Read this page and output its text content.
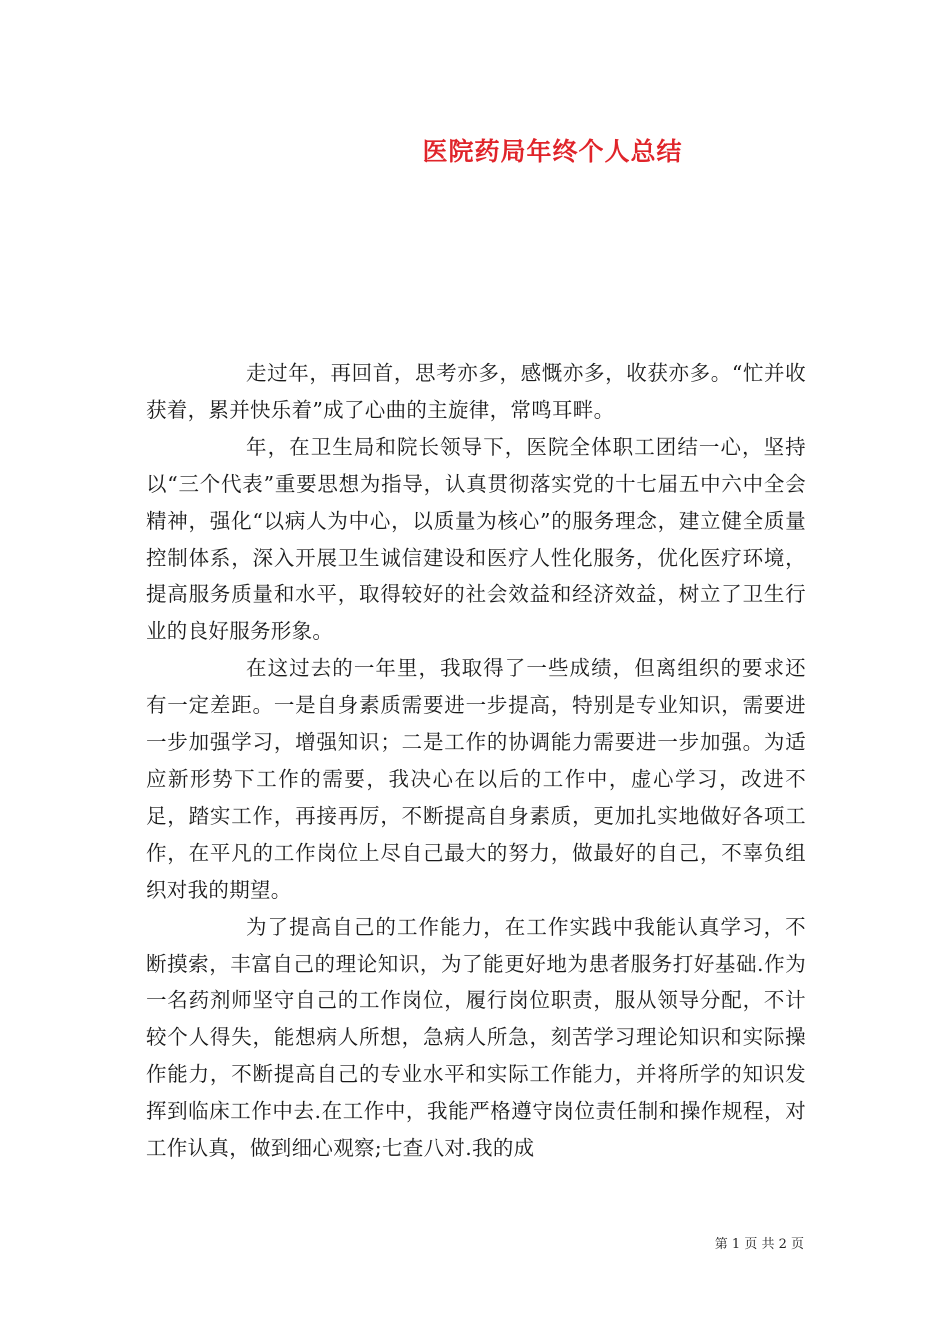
医院药局年终个人总结

走过年，再回首，思考亦多，感慨亦多，收获亦多。“忙并收获着，累并快乐着”成了心曲的主旋律，常鸣耳畔。

年，在卫生局和院长领导下，医院全体职工团结一心，坚持以“三个代表”重要思想为指导，认真贯彻落实党的十七届五中六中全会精神，强化“以病人为中心，以质量为核心”的服务理念，建立健全质量控制体系，深入开展卫生诚信建设和医疗人性化服务，优化医疗环境，提高服务质量和水平，取得较好的社会效益和经济效益，树立了卫生行业的良好服务形象。

在这过去的一年里，我取得了一些成绩，但离组织的要求还有一定差距。一是自身素质需要进一步提高，特别是专业知识，需要进一步加强学习，增强知识；二是工作的协调能力需要进一步加强。为适应新形势下工作的需要，我决心在以后的工作中，虚心学习，改进不足，踏实工作，再接再厉，不断提高自身素质，更加扎实地做好各项工作，在平凡的工作岗位上尽自己最大的努力，做最好的自己，不辜负组织对我的期望。

为了提高自己的工作能力，在工作实践中我能认真学习，不断摸索，丰富自己的理论知识，为了能更好地为患者服务打好基础.作为一名药剂师坚守自己的工作岗位，履行岗位职责，服从领导分配，不计较个人得失，能想病人所想，急病人所急，刻苦学习理论知识和实际操作能力，不断提高自己的专业水平和实际工作能力，并将所学的知识发挥到临床工作中去.在工作中，我能严格遵守岗位责任制和操作规程，对工作认真，做到细心观察;七查八对.我的成

第 1 页 共 2 页
